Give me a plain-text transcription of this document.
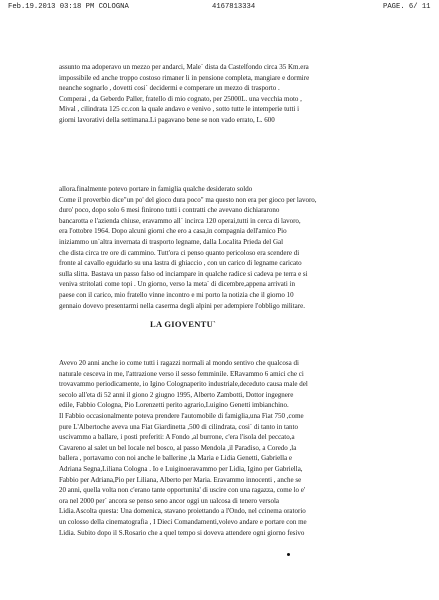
Feb.19.2013 03:18 PM COLOGNA	4167813334	PAGE. 6/ 11

assunto ma adoperavo un mezzo per andarci, Male` dista da Castelfondo circa 35 Km.era
impossibile ed anche troppo costoso rimaner li in pensione completa, mangiare e dormire
neanche sognarlo , dovetti cosi` decidermi e comperare un mezzo di trasporto .
Comperai , da Geberdo Paller, fratello di mio cognato, per 25000L. una vecchia moto ,
Mival , cilindrata 125 cc.con la quale andavo e venivo , sotto tutte le intemperie tutti i
giorni lavorativi della settimana.Li pagavano bene se non vado errato, L. 600

allora.finalmente potevo portare in famiglia qualche desiderato soldo
Come il proverbio dice"un po' del gioco dura poco" ma questo non era per gioco per lavoro,
duro' poco, dopo solo 6 mesi finirono tutti i contratti che avevano dichiararono
bancarotta e l'azienda chiuse, eravammo all` incirca 120 operai,tutti in cerca di lavoro,
era l'ottobre 1964. Dopo alcuni giorni che ero a casa,in compagnia dell'amico Pio
iniziammo un`altra invernata di trasporto legname, dalla Localita Prieda del Gal
che dista circa tre ore di cammino. Tutt'ora ci penso quanto pericoloso era scendere di
fronte al cavallo eguidarlo su una lastra di ghiaccio , con un carico di legname caricato
sulla slitta. Bastava un passo falso od inciampare in qualche radice si cadeva pe terra e si
veniva stritolati come topi . Un giorno, verso la meta` di dicembre,appena arrivati in
paese con il carico, mio fratello vinne incontro e mi porto la notizia che il giorno 10
gennaio dovevo presentarmi nella caserma degli alpini per adempiere l'obbligo militare.

LA GIOVENTU`

Avevo 20 anni anche io come tutti i ragazzi normali al mondo sentivo che qualcosa di
naturale cesceva in me, l'attrazione verso il sesso femminile. ERavammo 6 amici che ci
trovavammo periodicamente, io Igino Colognaperito industriale,deceduto causa male del
secolo all'eta di 52 anni il giono 2 giugno 1995, Alberto Zambotti, Dottor ingegnere
edile, Fabbio Cologna, Pio Lorenzetti perito agrario,Luigino Genetti imbianchino.
Il Fabbio occasionalmente poteva prendere l'automobile di famiglia,una Fiat 750 ,come
pure L'Albertoche aveva una Fiat Giardinetta ,500 di cilindrata, cosi` di tanto in tanto
uscivammo a ballare, i posti preferiti: A Fondo ,al burrone, c'era l'isola del peccato,a
Cavareno al salet un bel locale nel bosco, al passo Mendola ,il Paradiso, a Coredo ,la
ballera , portavamo con noi anche le ballerine ,la Maria e Lidia Genetti, Gabriella e
Adriana Segna,Liliana Cologna . Io e Luiginoeravammo per Lidia, Igino per Gabriella,
Fabbio per Adriana,Pio per Liliana, Alberto per Maria. Eravammo innocenti , anche se
20 anni, quella volta non c'erano tante opportunita' di uscire con una ragazza, come lo e'
ora nel 2000 per` ancora se penso seno ancor oggi un ualcosa di tenero versola
Lidia.Ascolta questa: Una domenica, stavano proiettando a l'Ondo, nel ccinema oratorio
un colosso della cinematografia , I Dieci Comandamenti,volevo andare e portare con me
Lidia. Subito dopo il S.Rosario che a quel tempo si doveva attendere ogni giorno fesivo
